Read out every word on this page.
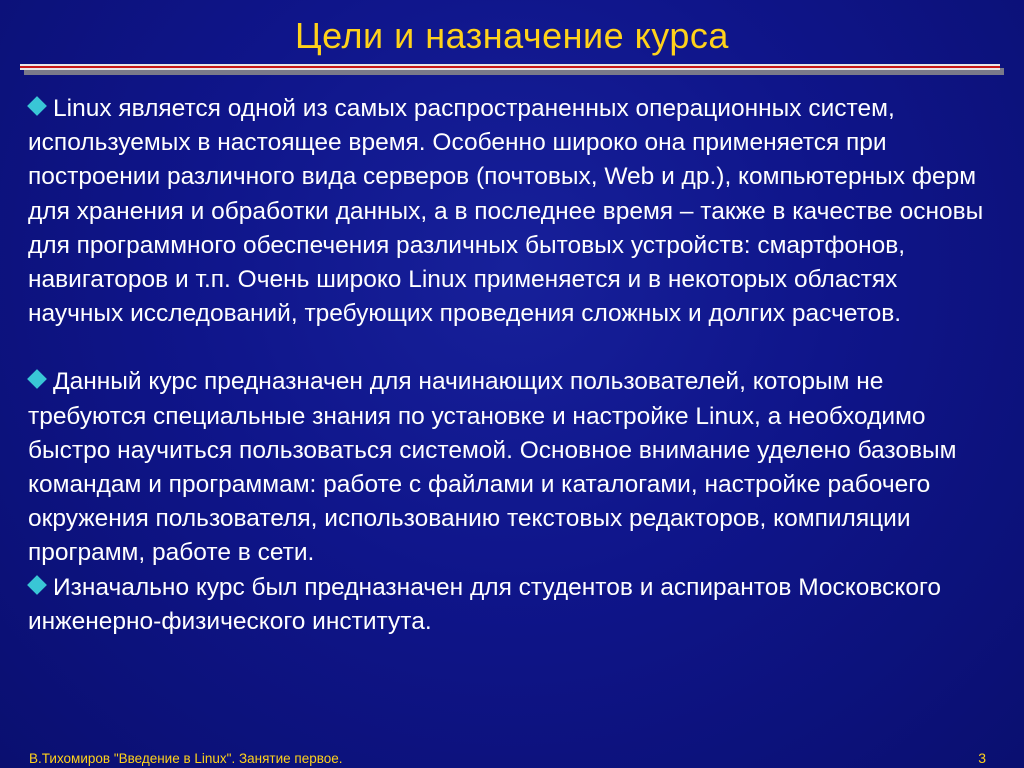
Цели и назначение курса

Linux является одной из самых распространенных операционных систем, используемых в настоящее время. Особенно широко она применяется при построении различного вида серверов (почтовых, Web и др.), компьютерных ферм для хранения и обработки данных, а в последнее время – также в качестве основы для программного обеспечения различных бытовых устройств: смартфонов, навигаторов и т.п. Очень широко Linux применяется и в некоторых областях научных исследований, требующих проведения сложных и долгих расчетов.

Данный курс предназначен для начинающих пользователей, которым не требуются специальные знания по установке и настройке Linux, а необходимо быстро научиться пользоваться системой. Основное внимание уделено базовым командам и программам: работе с файлами и каталогами, настройке рабочего окружения пользователя, использованию текстовых редакторов, компиляции программ, работе в сети.

Изначально курс был предназначен для студентов и аспирантов Московского инженерно-физического института.

В.Тихомиров "Введение в Linux". Занятие первое.	3
